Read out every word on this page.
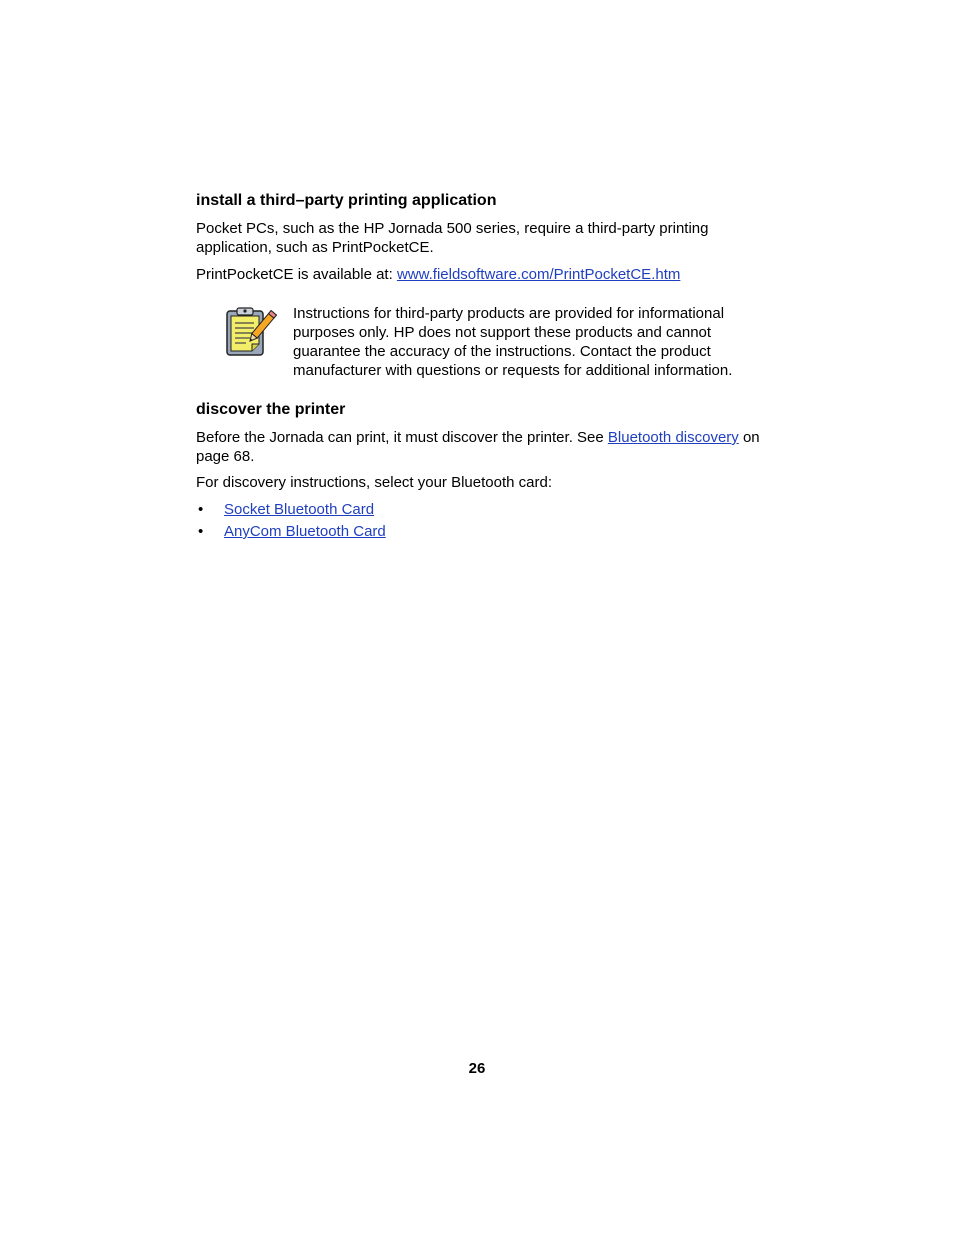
install a third–party printing application

Pocket PCs, such as the HP Jornada 500 series, require a third-party printing application, such as PrintPocketCE.

PrintPocketCE is available at: www.fieldsoftware.com/PrintPocketCE.htm

Instructions for third-party products are provided for informational purposes only. HP does not support these products and cannot guarantee the accuracy of the instructions. Contact the product manufacturer with questions or requests for additional information.

discover the printer

Before the Jornada can print, it must discover the printer. See Bluetooth discovery on page 68.

For discovery instructions, select your Bluetooth card:

• Socket Bluetooth Card
• AnyCom Bluetooth Card

26
